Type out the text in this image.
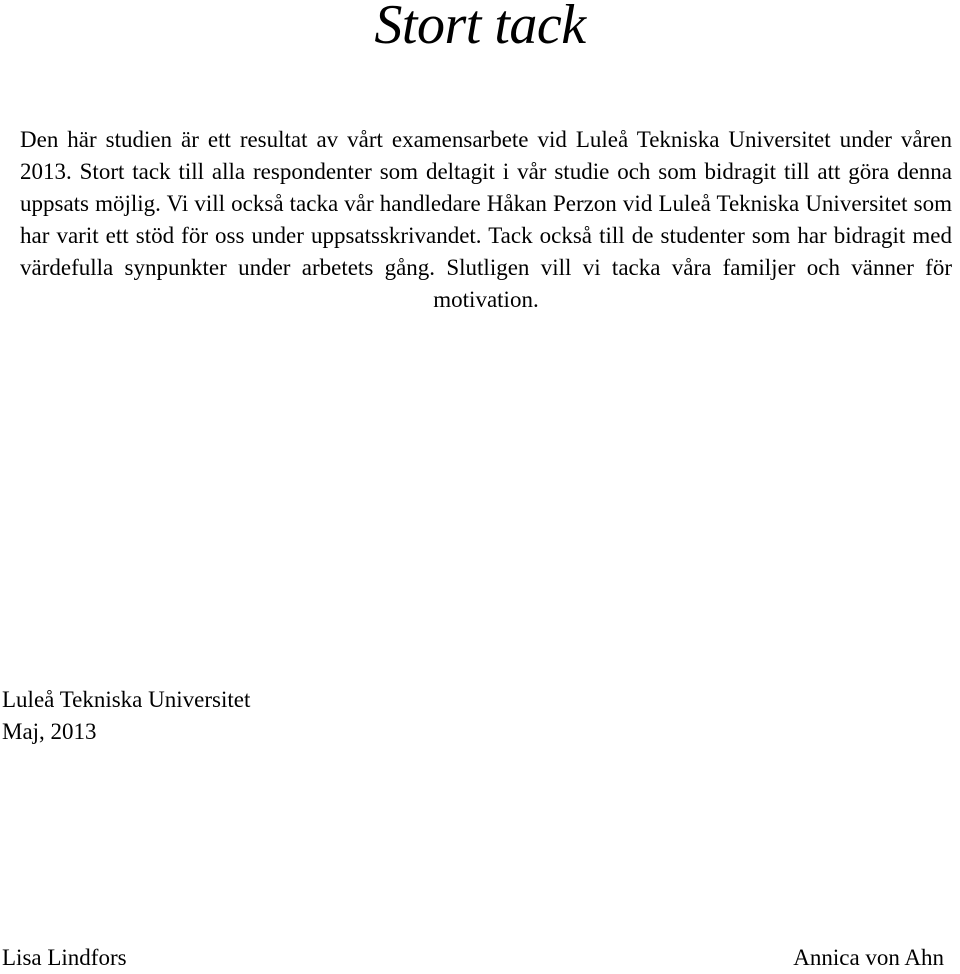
Stort tack

Den här studien är ett resultat av vårt examensarbete vid Luleå Tekniska Universitet under våren 2013. Stort tack till alla respondenter som deltagit i vår studie och som bidragit till att göra denna uppsats möjlig. Vi vill också tacka vår handledare Håkan Perzon vid Luleå Tekniska Universitet som har varit ett stöd för oss under uppsatsskrivandet. Tack också till de studenter som har bidragit med värdefulla synpunkter under arbetets gång. Slutligen vill vi tacka våra familjer och vänner för motivation.

Luleå Tekniska Universitet
Maj, 2013
Lisa Lindfors	Annica von Ahn
